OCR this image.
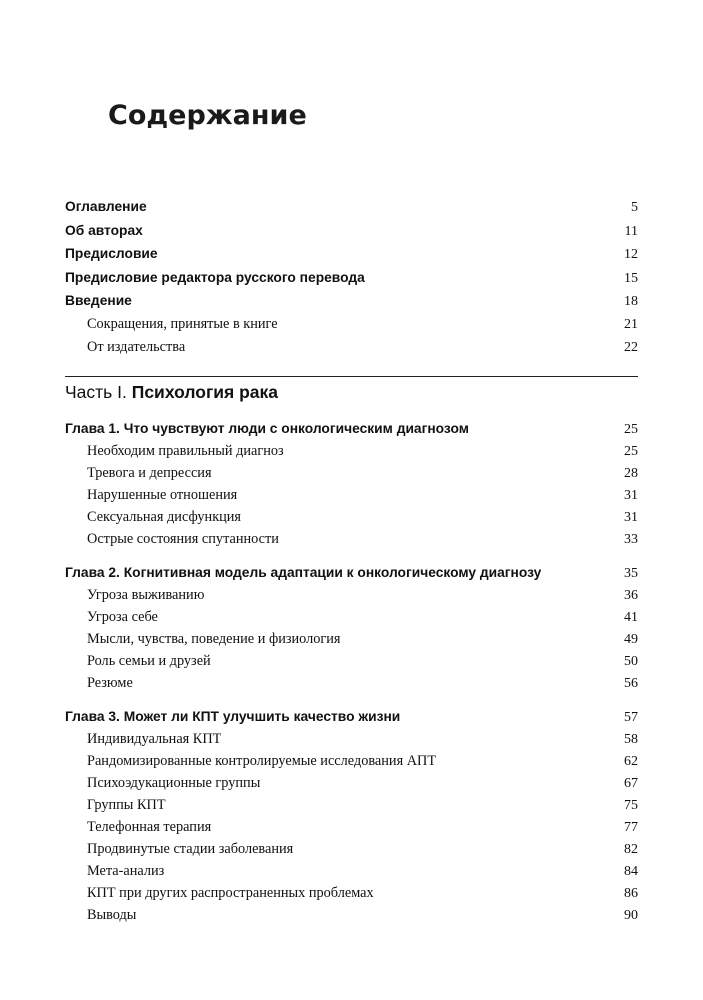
Содержание
Оглавление	5
Об авторах	11
Предисловие	12
Предисловие редактора русского перевода	15
Введение	18
Сокращения, принятые в книге	21
От издательства	22
Часть I. Психология рака
Глава 1. Что чувствуют люди с онкологическим диагнозом	25
Необходим правильный диагноз	25
Тревога и депрессия	28
Нарушенные отношения	31
Сексуальная дисфункция	31
Острые состояния спутанности	33
Глава 2. Когнитивная модель адаптации к онкологическому диагнозу	35
Угроза выживанию	36
Угроза себе	41
Мысли, чувства, поведение и физиология	49
Роль семьи и друзей	50
Резюме	56
Глава 3. Может ли КПТ улучшить качество жизни	57
Индивидуальная КПТ	58
Рандомизированные контролируемые исследования АПТ	62
Психоэдукационные группы	67
Группы КПТ	75
Телефонная терапия	77
Продвинутые стадии заболевания	82
Мета-анализ	84
КПТ при других распространенных проблемах	86
Выводы	90
